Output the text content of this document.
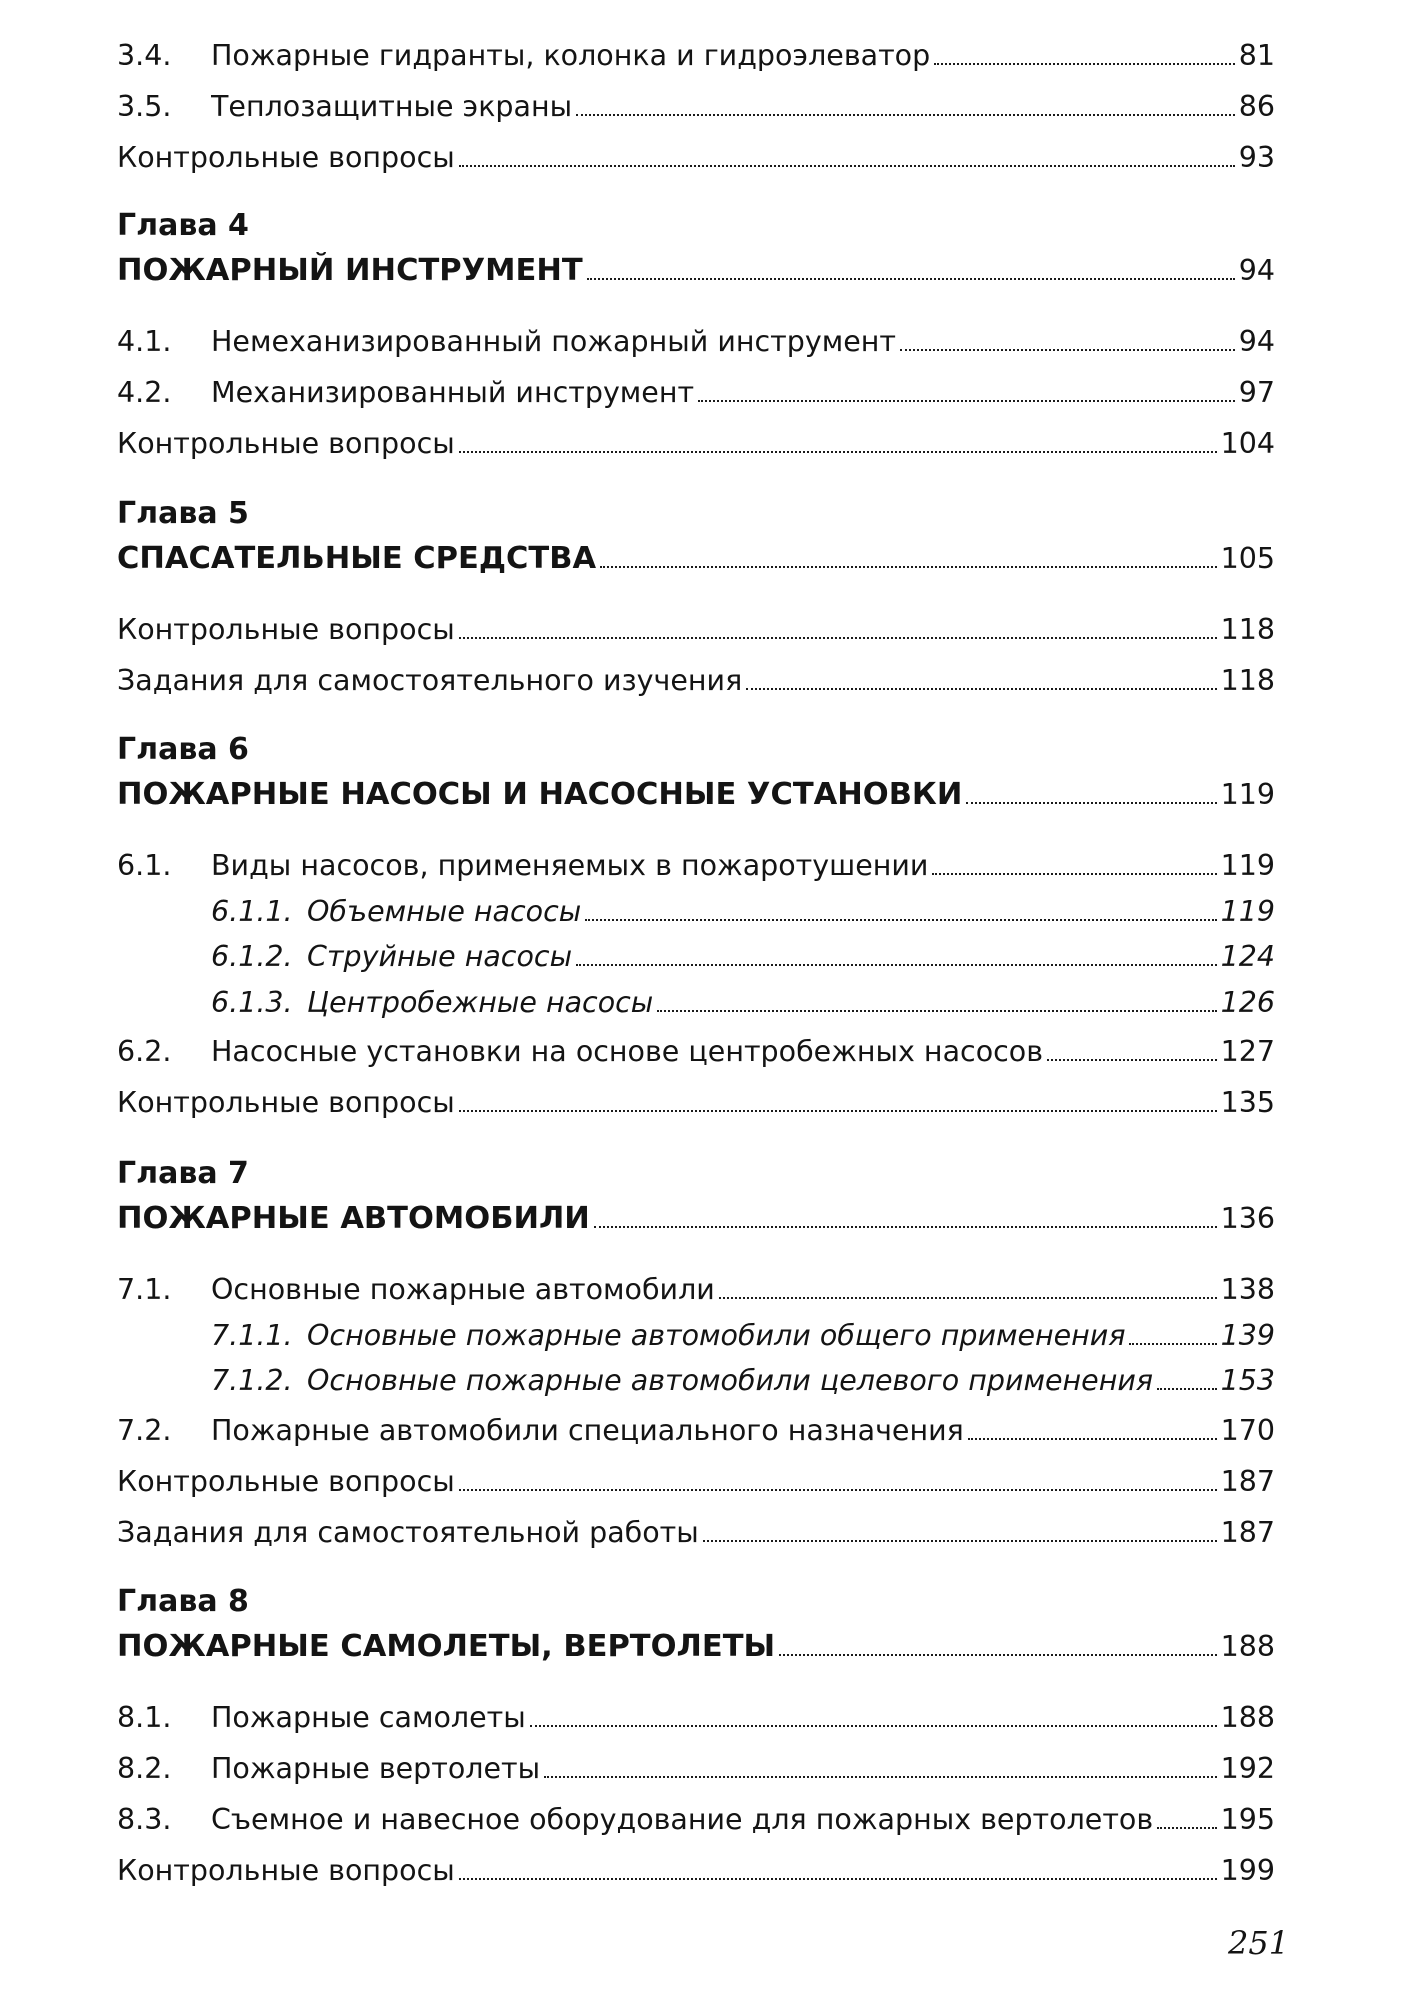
3.4.	Пожарные гидранты, колонка и гидроэлеватор	81
3.5.	Теплозащитные экраны	86
Контрольные вопросы	93
Глава 4
ПОЖАРНЫЙ ИНСТРУМЕНТ	94
4.1.	Немеханизированный пожарный инструмент	94
4.2.	Механизированный инструмент	97
Контрольные вопросы	104
Глава 5
СПАСАТЕЛЬНЫЕ СРЕДСТВА	105
Контрольные вопросы	118
Задания для самостоятельного изучения	118
Глава 6
ПОЖАРНЫЕ НАСОСЫ И НАСОСНЫЕ УСТАНОВКИ	119
6.1.	Виды насосов, применяемых в пожаротушении	119
6.1.1. Объемные насосы	119
6.1.2. Струйные насосы	124
6.1.3. Центробежные насосы	126
6.2.	Насосные установки на основе центробежных насосов	127
Контрольные вопросы	135
Глава 7
ПОЖАРНЫЕ АВТОМОБИЛИ	136
7.1.	Основные пожарные автомобили	138
7.1.1. Основные пожарные автомобили общего применения	139
7.1.2. Основные пожарные автомобили целевого применения 153
7.2.	Пожарные автомобили специального назначения	170
Контрольные вопросы	187
Задания для самостоятельной работы	187
Глава 8
ПОЖАРНЫЕ САМОЛЕТЫ, ВЕРТОЛЕТЫ	188
8.1.	Пожарные самолеты	188
8.2.	Пожарные вертолеты	192
8.3.	Съемное и навесное оборудование для пожарных вертолетов 195
Контрольные вопросы	199
251
